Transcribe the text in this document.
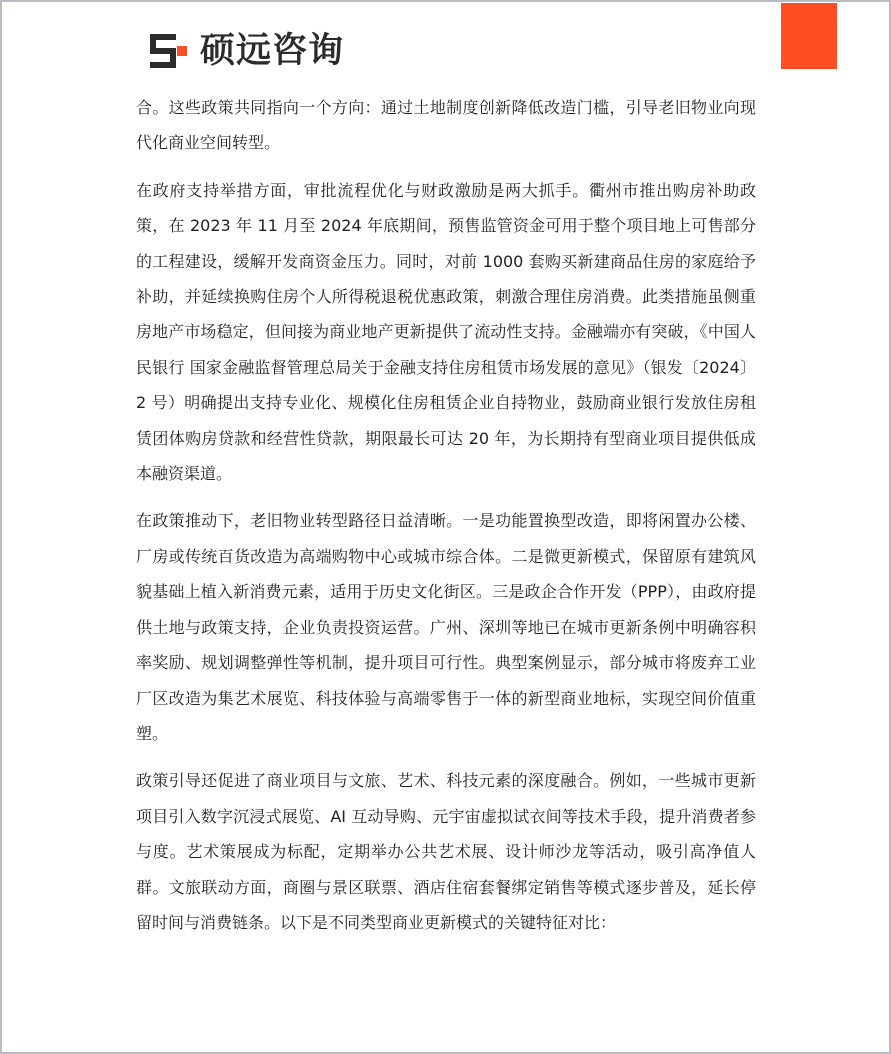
硕远咨询

合。这些政策共同指向一个方向：通过土地制度创新降低改造门槛，引导老旧物业向现代化商业空间转型。

在政府支持举措方面，审批流程优化与财政激励是两大抓手。衢州市推出购房补助政策，在 2023 年 11 月至 2024 年底期间，预售监管资金可用于整个项目地上可售部分的工程建设，缓解开发商资金压力。同时，对前 1000 套购买新建商品住房的家庭给予补助，并延续换购住房个人所得税退税优惠政策，刺激合理住房消费。此类措施虽侧重房地产市场稳定，但间接为商业地产更新提供了流动性支持。金融端亦有突破，《中国人民银行 国家金融监督管理总局关于金融支持住房租赁市场发展的意见》（银发〔2024〕2 号）明确提出支持专业化、规模化住房租赁企业自持物业，鼓励商业银行发放住房租赁团体购房贷款和经营性贷款，期限最长可达 20 年，为长期持有型商业项目提供低成本融资渠道。

在政策推动下，老旧物业转型路径日益清晰。一是功能置换型改造，即将闲置办公楼、厂房或传统百货改造为高端购物中心或城市综合体。二是微更新模式，保留原有建筑风貌基础上植入新消费元素，适用于历史文化街区。三是政企合作开发（PPP），由政府提供土地与政策支持，企业负责投资运营。广州、深圳等地已在城市更新条例中明确容积率奖励、规划调整弹性等机制，提升项目可行性。典型案例显示，部分城市将废弃工业厂区改造为集艺术展览、科技体验与高端零售于一体的新型商业地标，实现空间价值重塑。

政策引导还促进了商业项目与文旅、艺术、科技元素的深度融合。例如，一些城市更新项目引入数字沉浸式展览、AI 互动导购、元宇宙虚拟试衣间等技术手段，提升消费者参与度。艺术策展成为标配，定期举办公共艺术展、设计师沙龙等活动，吸引高净值人群。文旅联动方面，商圈与景区联票、酒店住宿套餐绑定销售等模式逐步普及，延长停留时间与消费链条。以下是不同类型商业更新模式的关键特征对比：
